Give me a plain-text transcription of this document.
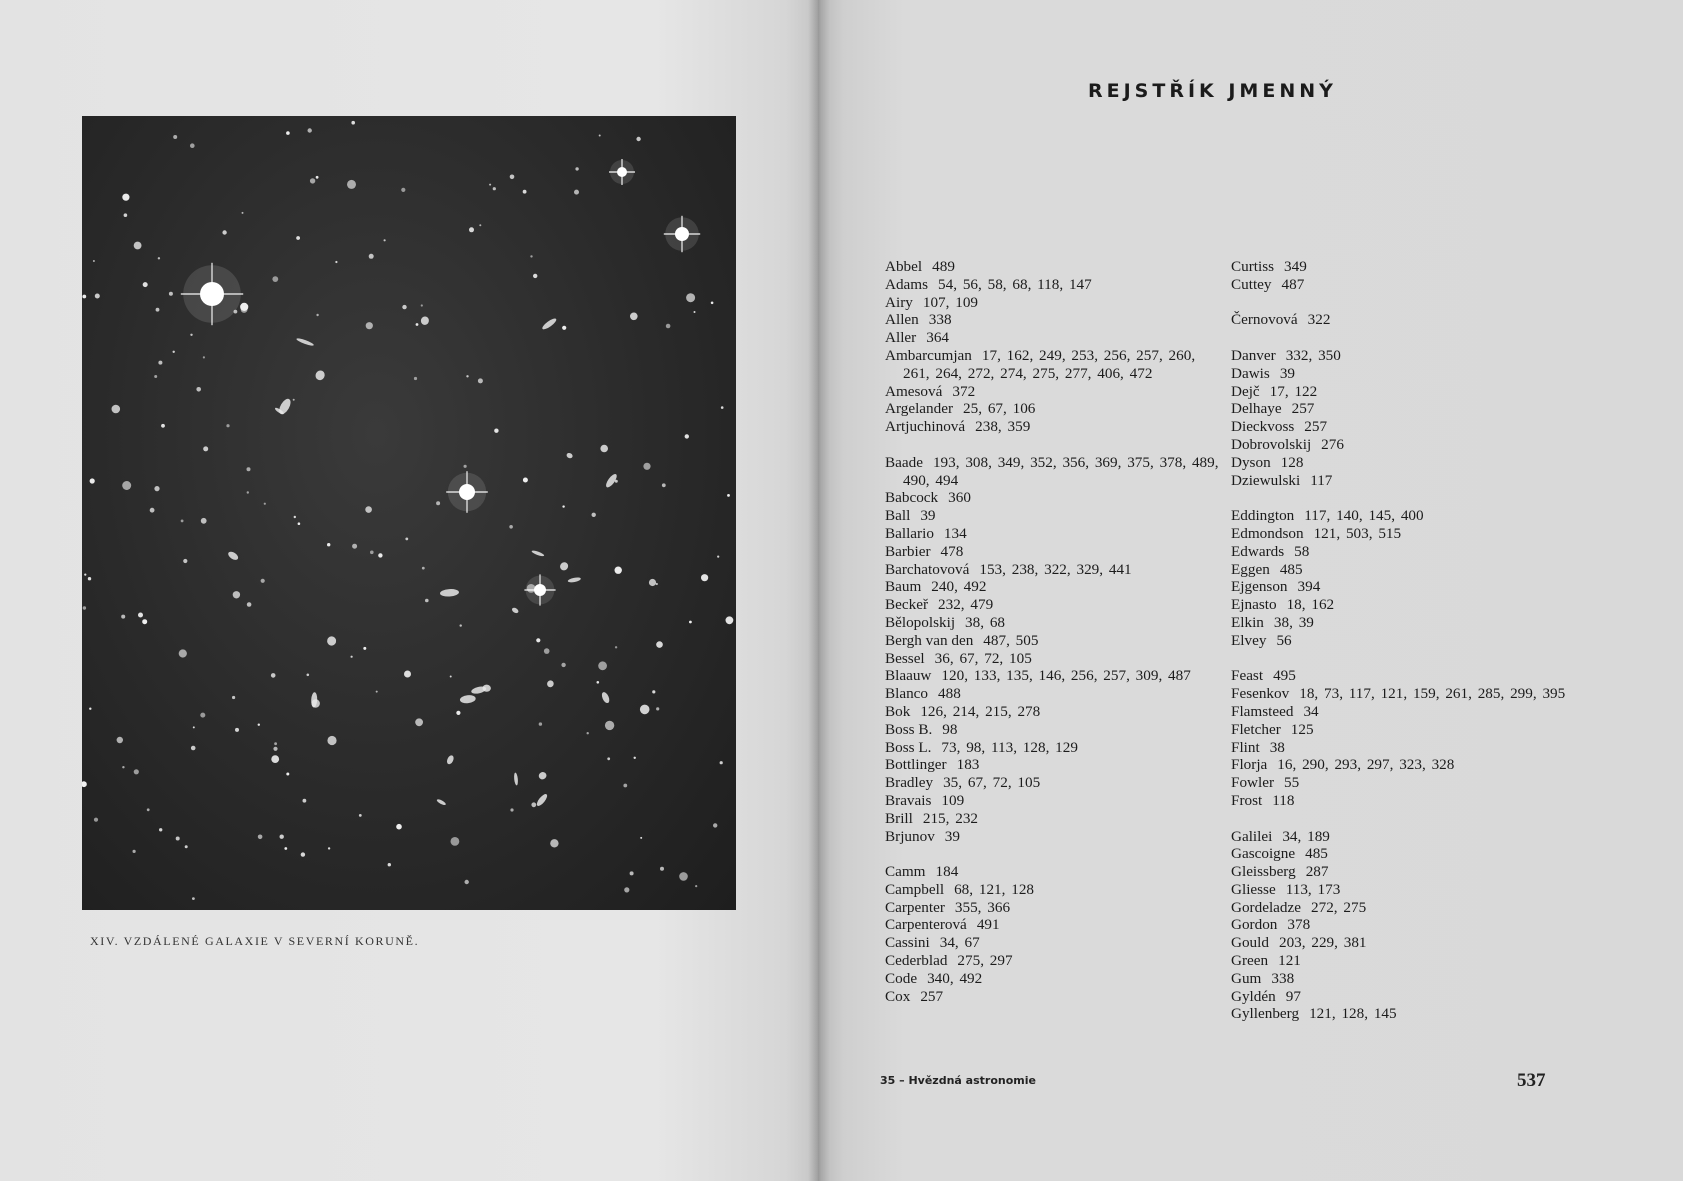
XIV. VZDÁLENÉ GALAXIE V SEVERNÍ KORUNĚ.
REJSTŘÍK JMENNÝ
Abbel 489
Adams 54, 56, 58, 68, 118, 147
Airy 107, 109
Allen 338
Aller 364
Ambarcumjan 17, 162, 249, 253, 256, 257, 260, 261, 264, 272, 274, 275, 277, 406, 472
Amesová 372
Argelander 25, 67, 106
Artjuchinová 238, 359
Baade 193, 308, 349, 352, 356, 369, 375, 378, 489, 490, 494
Babcock 360
Ball 39
Ballario 134
Barbier 478
Barchatovová 153, 238, 322, 329, 441
Baum 240, 492
Beckeř 232, 479
Bělopolskij 38, 68
Bergh van den 487, 505
Bessel 36, 67, 72, 105
Blaauw 120, 133, 135, 146, 256, 257, 309, 487
Blanco 488
Bok 126, 214, 215, 278
Boss B. 98
Boss L. 73, 98, 113, 128, 129
Bottlinger 183
Bradley 35, 67, 72, 105
Bravais 109
Brill 215, 232
Brjunov 39
Camm 184
Campbell 68, 121, 128
Carpenter 355, 366
Carpenterová 491
Cassini 34, 67
Cederblad 275, 297
Code 340, 492
Cox 257
Curtiss 349
Cuttey 487
Černovová 322
Danver 332, 350
Dawis 39
Dejč 17, 122
Delhaye 257
Dieckvoss 257
Dobrovolskij 276
Dyson 128
Dziewulski 117
Eddington 117, 140, 145, 400
Edmondson 121, 503, 515
Edwards 58
Eggen 485
Ejgenson 394
Ejnasto 18, 162
Elkin 38, 39
Elvey 56
Feast 495
Fesenkov 18, 73, 117, 121, 159, 261, 285, 299, 395
Flamsteed 34
Fletcher 125
Flint 38
Florja 16, 290, 293, 297, 323, 328
Fowler 55
Frost 118
Galilei 34, 189
Gascoigne 485
Gleissberg 287
Gliesse 113, 173
Gordeladze 272, 275
Gordon 378
Gould 203, 229, 381
Green 121
Gum 338
Gyldén 97
Gyllenberg 121, 128, 145
35 – Hvězdná astronomie	537
